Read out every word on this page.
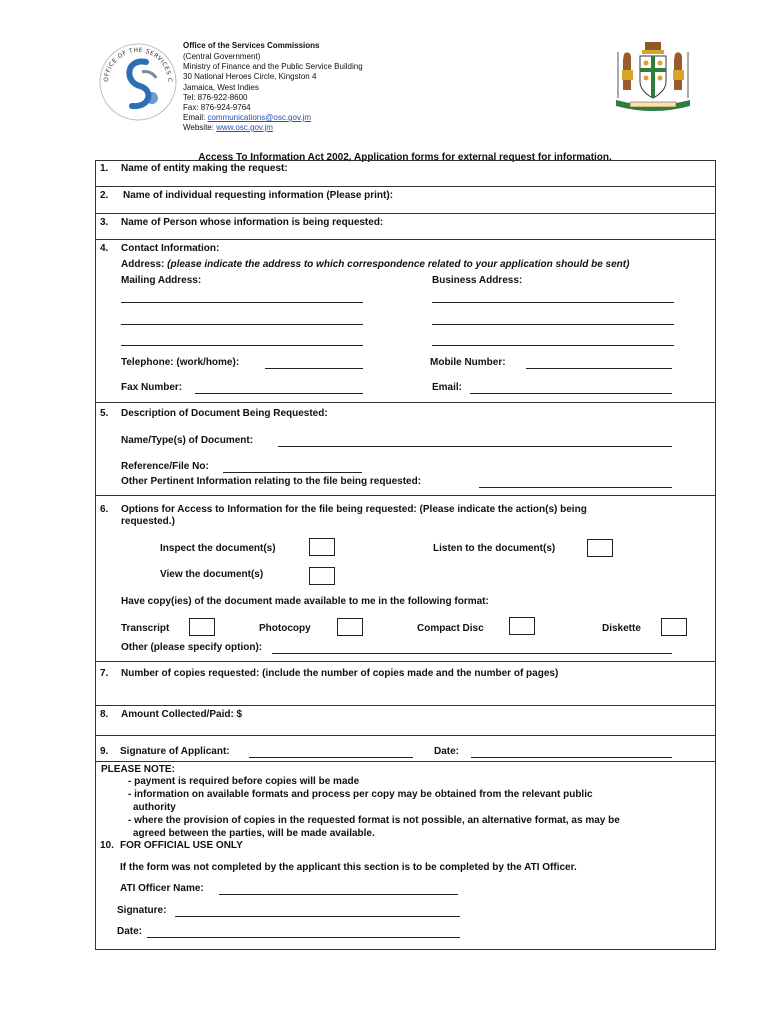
OFFICE OF THE SERVICES C
Office of the Services Commissions
(Central Government)
Ministry of Finance and the Public Service Building
30 National Heroes Circle, Kingston 4
Jamaica, West Indies
Tel: 876-922-8600
Fax: 876-924-9764
Email: communications@osc.gov.jm
Website: www.osc.gov.jm
Access To Information Act 2002, Application forms for external request for information.
1. Name of entity making the request:
2. Name of individual requesting information (Please print):
3. Name of Person whose information is being requested:
4. Contact Information:
Address: (please indicate the address to which correspondence related to your application should be sent)
Mailing Address:	Business Address:
Telephone: (work/home):	Mobile Number:
Fax Number:	Email:
5. Description of Document Being Requested:
Name/Type(s) of Document:
Reference/File No:
Other Pertinent Information relating to the file being requested:
6. Options for Access to Information for the file being requested: (Please indicate the action(s) being
requested.)
Inspect the document(s)	Listen to the document(s)
View the document(s)
Have copy(ies) of the document made available to me in the following format:
Transcript	Photocopy	Compact Disc	Diskette
Other (please specify option):
7. Number of copies requested: (include the number of copies made and the number of pages)
8. Amount Collected/Paid: $
9. Signature of Applicant:	Date:
PLEASE NOTE:
- payment is required before copies will be made
- information on available formats and process per copy may be obtained from the relevant public
authority
- where the provision of copies in the requested format is not possible, an alternative format, as may be
agreed between the parties, will be made available.
10. FOR OFFICIAL USE ONLY
If the form was not completed by the applicant this section is to be completed by the ATI Officer.
ATI Officer Name:
Signature:
Date:
